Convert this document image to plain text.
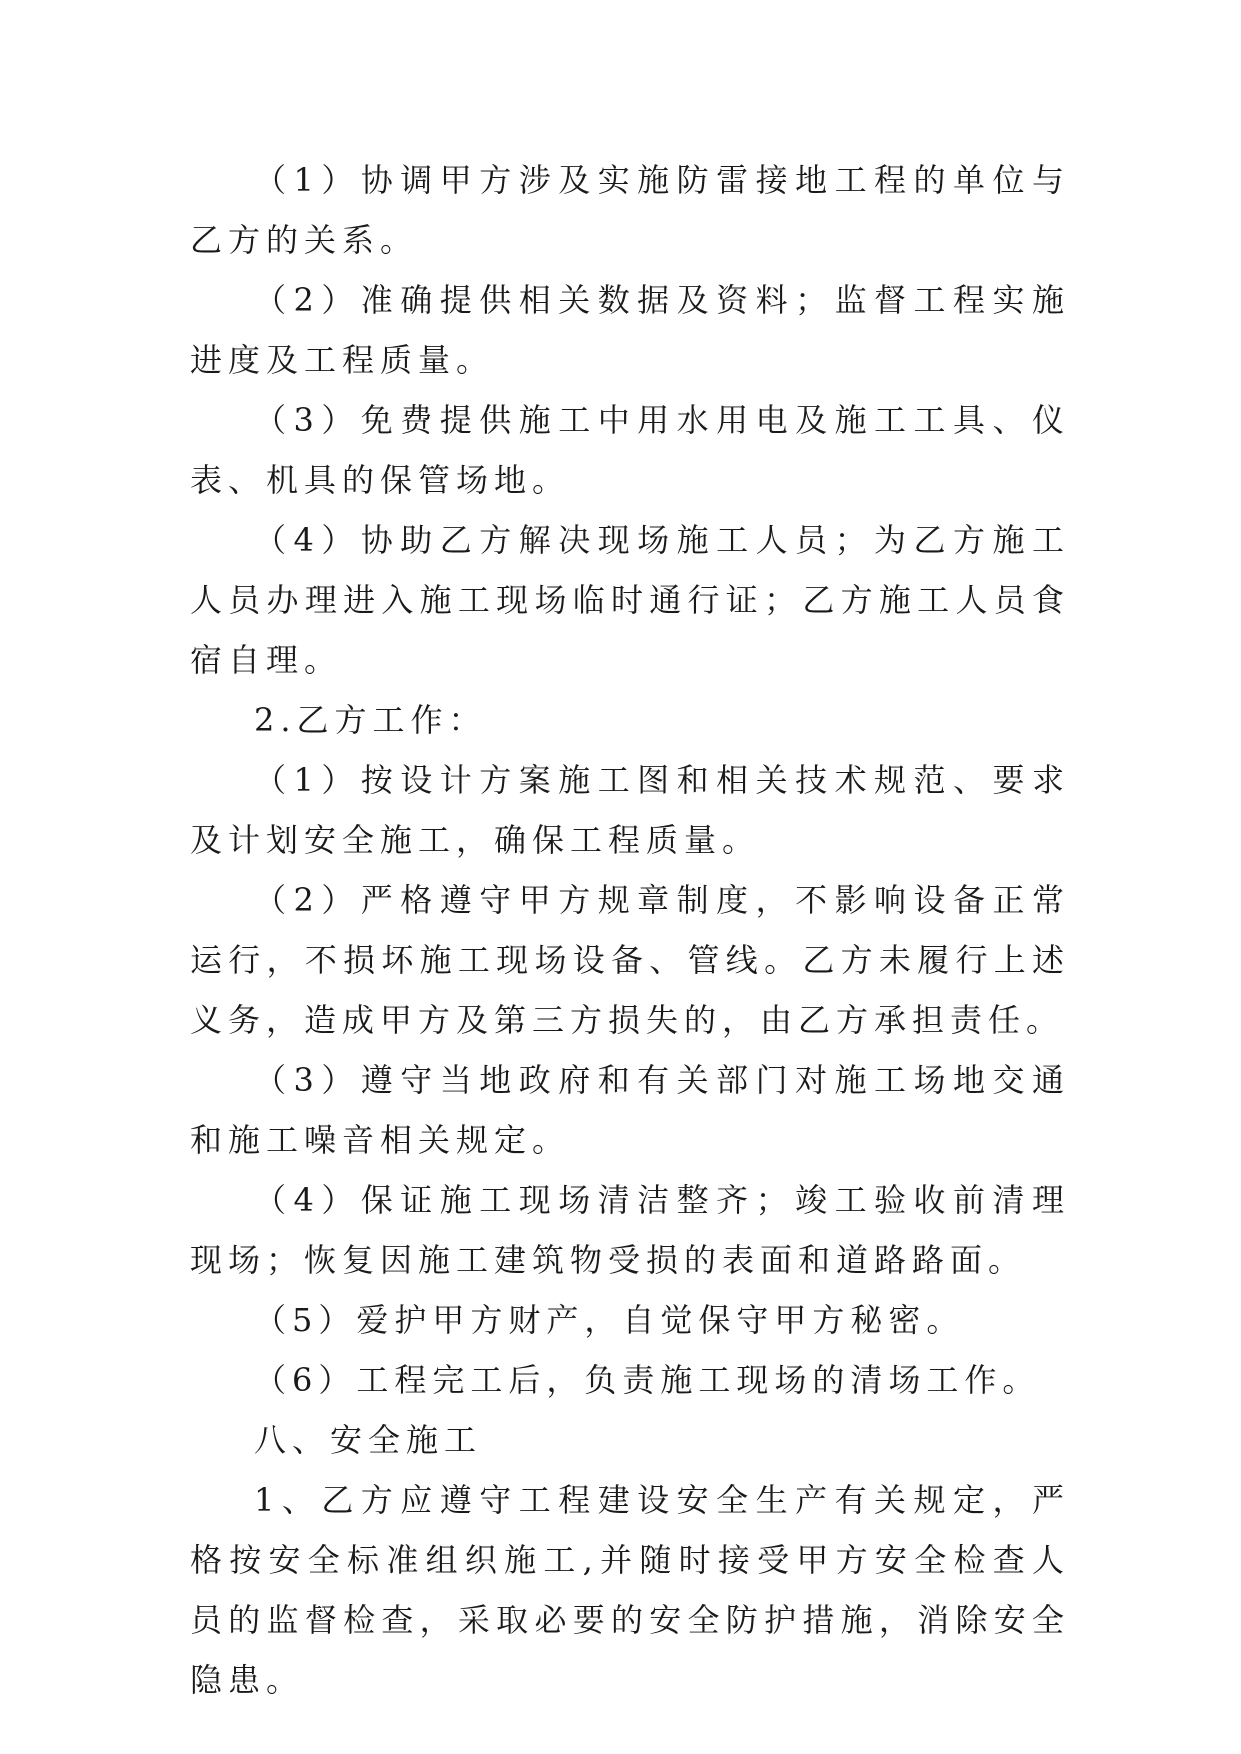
（1）协调甲方涉及实施防雷接地工程的单位与乙方的关系。

（2）准确提供相关数据及资料；监督工程实施进度及工程质量。

（3）免费提供施工中用水用电及施工工具、仪表、机具的保管场地。

（4）协助乙方解决现场施工人员；为乙方施工人员办理进入施工现场临时通行证；乙方施工人员食宿自理。

2.乙方工作：

（1）按设计方案施工图和相关技术规范、要求及计划安全施工，确保工程质量。

（2）严格遵守甲方规章制度，不影响设备正常运行，不损坏施工现场设备、管线。乙方未履行上述义务，造成甲方及第三方损失的，由乙方承担责任。

（3）遵守当地政府和有关部门对施工场地交通和施工噪音相关规定。

（4）保证施工现场清洁整齐；竣工验收前清理现场；恢复因施工建筑物受损的表面和道路路面。

（5）爱护甲方财产，自觉保守甲方秘密。

（6）工程完工后，负责施工现场的清场工作。

八、安全施工

1、乙方应遵守工程建设安全生产有关规定，严格按安全标准组织施工,并随时接受甲方安全检查人员的监督检查，采取必要的安全防护措施，消除安全隐患。
